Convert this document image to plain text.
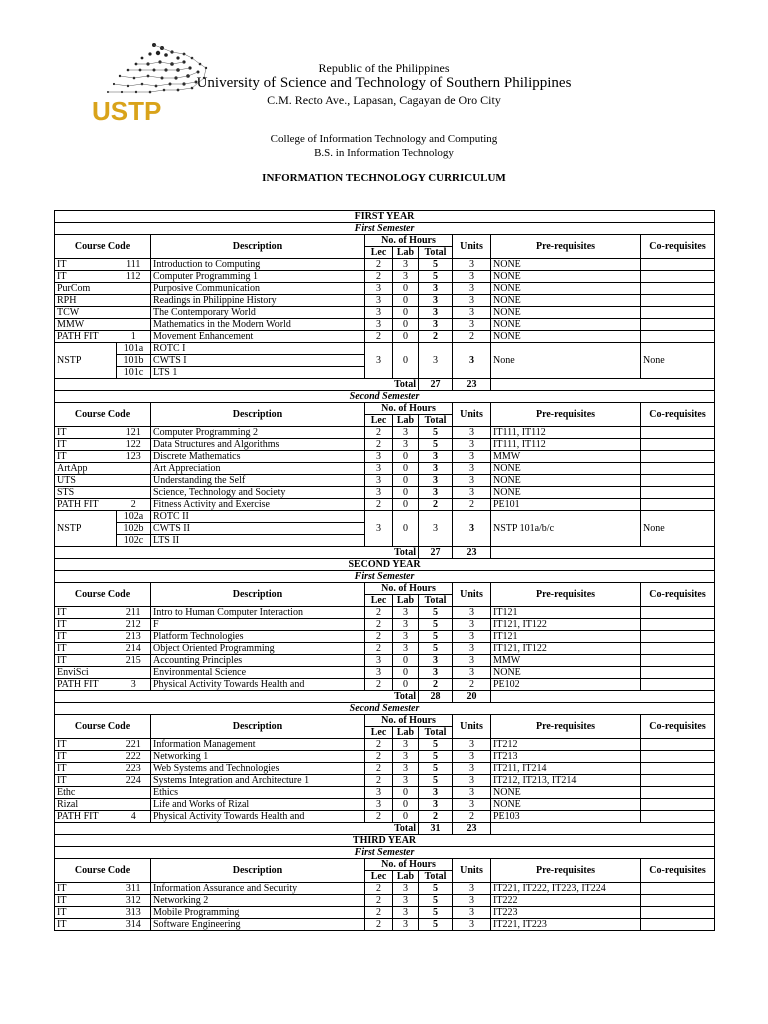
USTP
Republic of the Philippines
University of Science and Technology of Southern Philippines
C.M. Recto Ave., Lapasan, Cagayan de Oro City
College of Information Technology and Computing
B.S. in Information Technology
INFORMATION TECHNOLOGY CURRICULUM
FIRST YEAR								
First Semester								
Course Code		Description	No. of Hours			Units	Pre-requisites	Co-requisites
			Lec	Lab	Total			
IT	111	Introduction to Computing	2	3	5	3	NONE	
IT	112	Computer Programming 1	2	3	5	3	NONE	
PurCom		Purposive Communication	3	0	3	3	NONE	
RPH		Readings in Philippine History	3	0	3	3	NONE	
TCW		The Contemporary World	3	0	3	3	NONE	
MMW		Mathematics in the Modern World	3	0	3	3	NONE	
PATH FIT	1	Movement Enhancement	2	0	2	2	NONE	
NSTP	101a	ROTC I	3	0	3	3	None	None
	101b	CWTS I						
	101c	LTS 1						
Total					27	23		
Second Semester								
Course Code		Description	No. of Hours			Units	Pre-requisites	Co-requisites
			Lec	Lab	Total			
IT	121	Computer Programming 2	2	3	5	3	IT111, IT112	
IT	122	Data Structures and Algorithms	2	3	5	3	IT111, IT112	
IT	123	Discrete Mathematics	3	0	3	3	MMW	
ArtApp		Art Appreciation	3	0	3	3	NONE	
UTS		Understanding the Self	3	0	3	3	NONE	
STS		Science, Technology and Society	3	0	3	3	NONE	
PATH FIT	2	Fitness Activity and Exercise	2	0	2	2	PE101	
NSTP	102a	ROTC II	3	0	3	3	NSTP 101a/b/c	None
	102b	CWTS II						
	102c	LTS II						
Total					27	23		
SECOND YEAR								
First Semester								
Course Code		Description	No. of Hours			Units	Pre-requisites	Co-requisites
			Lec	Lab	Total			
IT	211	Intro to Human Computer Interaction	2	3	5	3	IT121	
IT	212	F	2	3	5	3	IT121, IT122	
IT	213	Platform Technologies	2	3	5	3	IT121	
IT	214	Object Oriented Programming	2	3	5	3	IT121, IT122	
IT	215	Accounting Principles	3	0	3	3	MMW	
EnviSci		Environmental Science	3	0	3	3	NONE	
PATH FIT	3	Physical Activity Towards Health and	2	0	2	2	PE102	
Total					28	20		
Second Semester								
Course Code		Description	No. of Hours			Units	Pre-requisites	Co-requisites
			Lec	Lab	Total			
IT	221	Information Management	2	3	5	3	IT212	
IT	222	Networking 1	2	3	5	3	IT213	
IT	223	Web Systems and Technologies	2	3	5	3	IT211, IT214	
IT	224	Systems Integration and Architecture 1	2	3	5	3	IT212, IT213, IT214	
Ethc		Ethics	3	0	3	3	NONE	
Rizal		Life and Works of Rizal	3	0	3	3	NONE	
PATH FIT	4	Physical Activity Towards Health and	2	0	2	2	PE103	
Total					31	23		
THIRD YEAR								
First Semester								
Course Code		Description	No. of Hours			Units	Pre-requisites	Co-requisites
			Lec	Lab	Total			
IT	311	Information Assurance and Security	2	3	5	3	IT221, IT222, IT223, IT224	
IT	312	Networking 2	2	3	5	3	IT222	
IT	313	Mobile Programming	2	3	5	3	IT223	
IT	314	Software Engineering	2	3	5	3	IT221, IT223	
